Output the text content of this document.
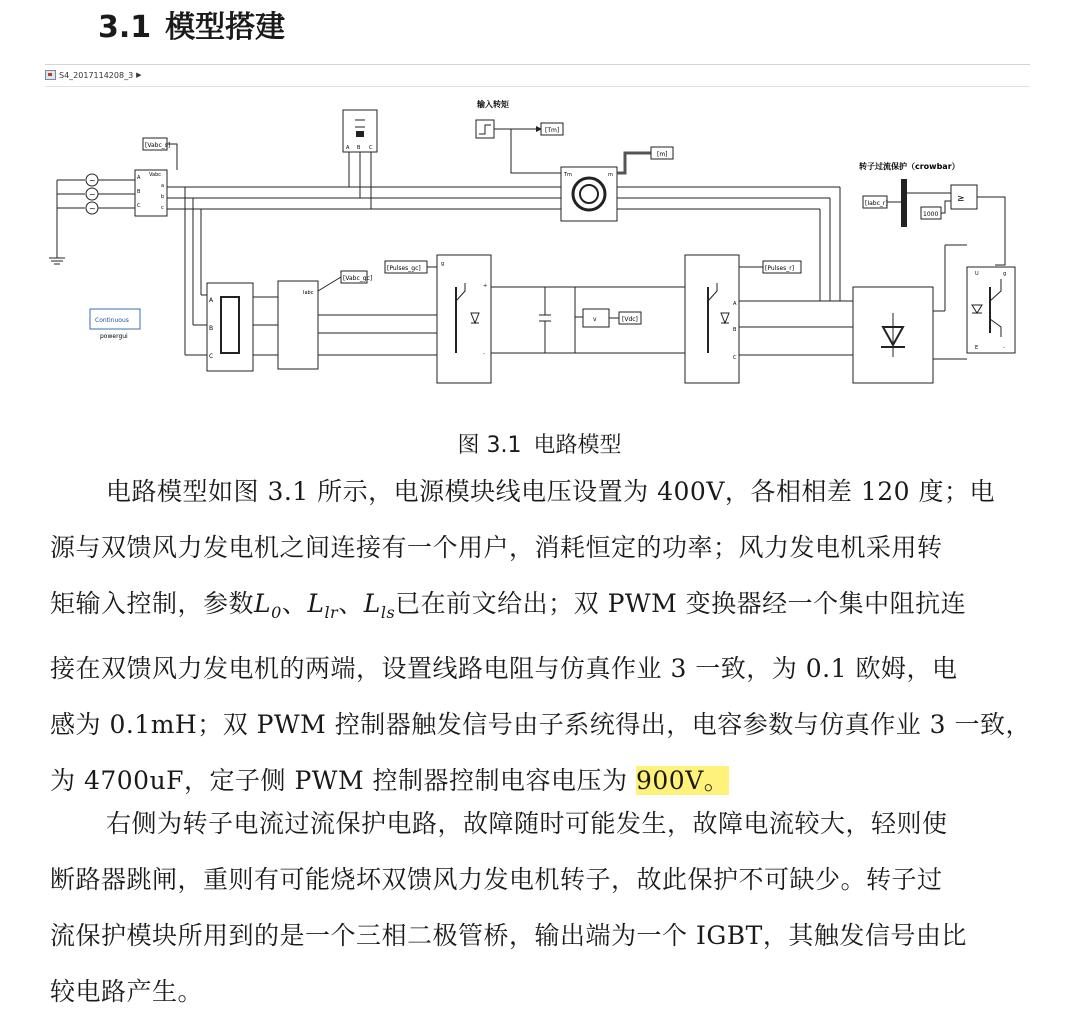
3.1 模型搭建
S4_2017114208_3 ▶
~
~
~
A
B
C
Vabc
a
b
c
[Vabc_s]	A B C
输入转矩
[Tm]
Tm	m
[m]
A
B
C
Iabc
[Vabc_gc]
[Pulses_gc]
g
+
-
v	[Vdc]
[Pulses_r]
A
B
C
Continuous
powergui
转子过流保护（crowbar）
[Iabc_r]
1000
≥
U	g
E	-
图 3.1 电路模型
电路模型如图 3.1 所示，电源模块线电压设置为 400V，各相相差 120 度；电
源与双馈风力发电机之间连接有一个用户，消耗恒定的功率；风力发电机采用转
矩输入控制，参数$L_0$、$L_{lr}$、$L_{ls}$已在前文给出；双 PWM 变换器经一个集中阻抗连
接在双馈风力发电机的两端，设置线路电阻与仿真作业 3 一致，为 0.1 欧姆，电
感为 0.1mH；双 PWM 控制器触发信号由子系统得出，电容参数与仿真作业 3 一致，
为 4700uF，定子侧 PWM 控制器控制电容电压为 900V。
右侧为转子电流过流保护电路，故障随时可能发生，故障电流较大，轻则使
断路器跳闸，重则有可能烧坏双馈风力发电机转子，故此保护不可缺少。转子过
流保护模块所用到的是一个三相二极管桥，输出端为一个 IGBT，其触发信号由比
较电路产生。
